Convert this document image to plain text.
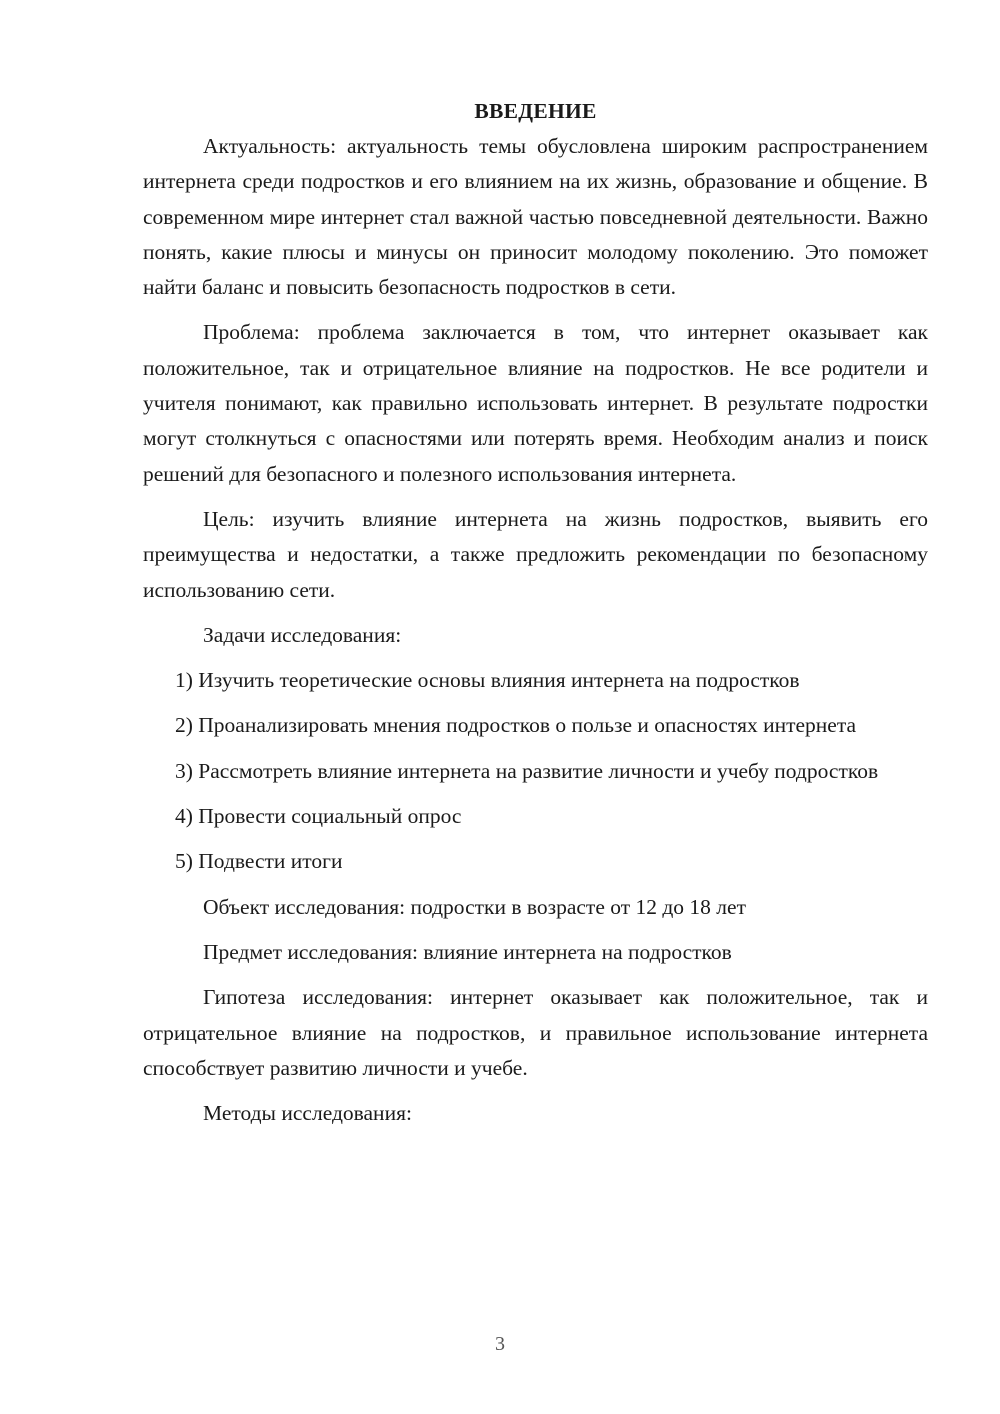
ВВЕДЕНИЕ

Актуальность: актуальность темы обусловлена широким распространением интернета среди подростков и его влиянием на их жизнь, образование и общение. В современном мире интернет стал важной частью повседневной деятельности. Важно понять, какие плюсы и минусы он приносит молодому поколению. Это поможет найти баланс и повысить безопасность подростков в сети.

Проблема: проблема заключается в том, что интернет оказывает как положительное, так и отрицательное влияние на подростков. Не все родители и учителя понимают, как правильно использовать интернет. В результате подростки могут столкнуться с опасностями или потерять время. Необходим анализ и поиск решений для безопасного и полезного использования интернета.

Цель: изучить влияние интернета на жизнь подростков, выявить его преимущества и недостатки, а также предложить рекомендации по безопасному использованию сети.

Задачи исследования:

1) Изучить теоретические основы влияния интернета на подростков

2) Проанализировать мнения подростков о пользе и опасностях интернета

3) Рассмотреть влияние интернета на развитие личности и учебу подростков

4) Провести социальный опрос

5) Подвести итоги

Объект исследования: подростки в возрасте от 12 до 18 лет

Предмет исследования: влияние интернета на подростков

Гипотеза исследования: интернет оказывает как положительное, так и отрицательное влияние на подростков, и правильное использование интернета способствует развитию личности и учебе.

Методы исследования:

3
